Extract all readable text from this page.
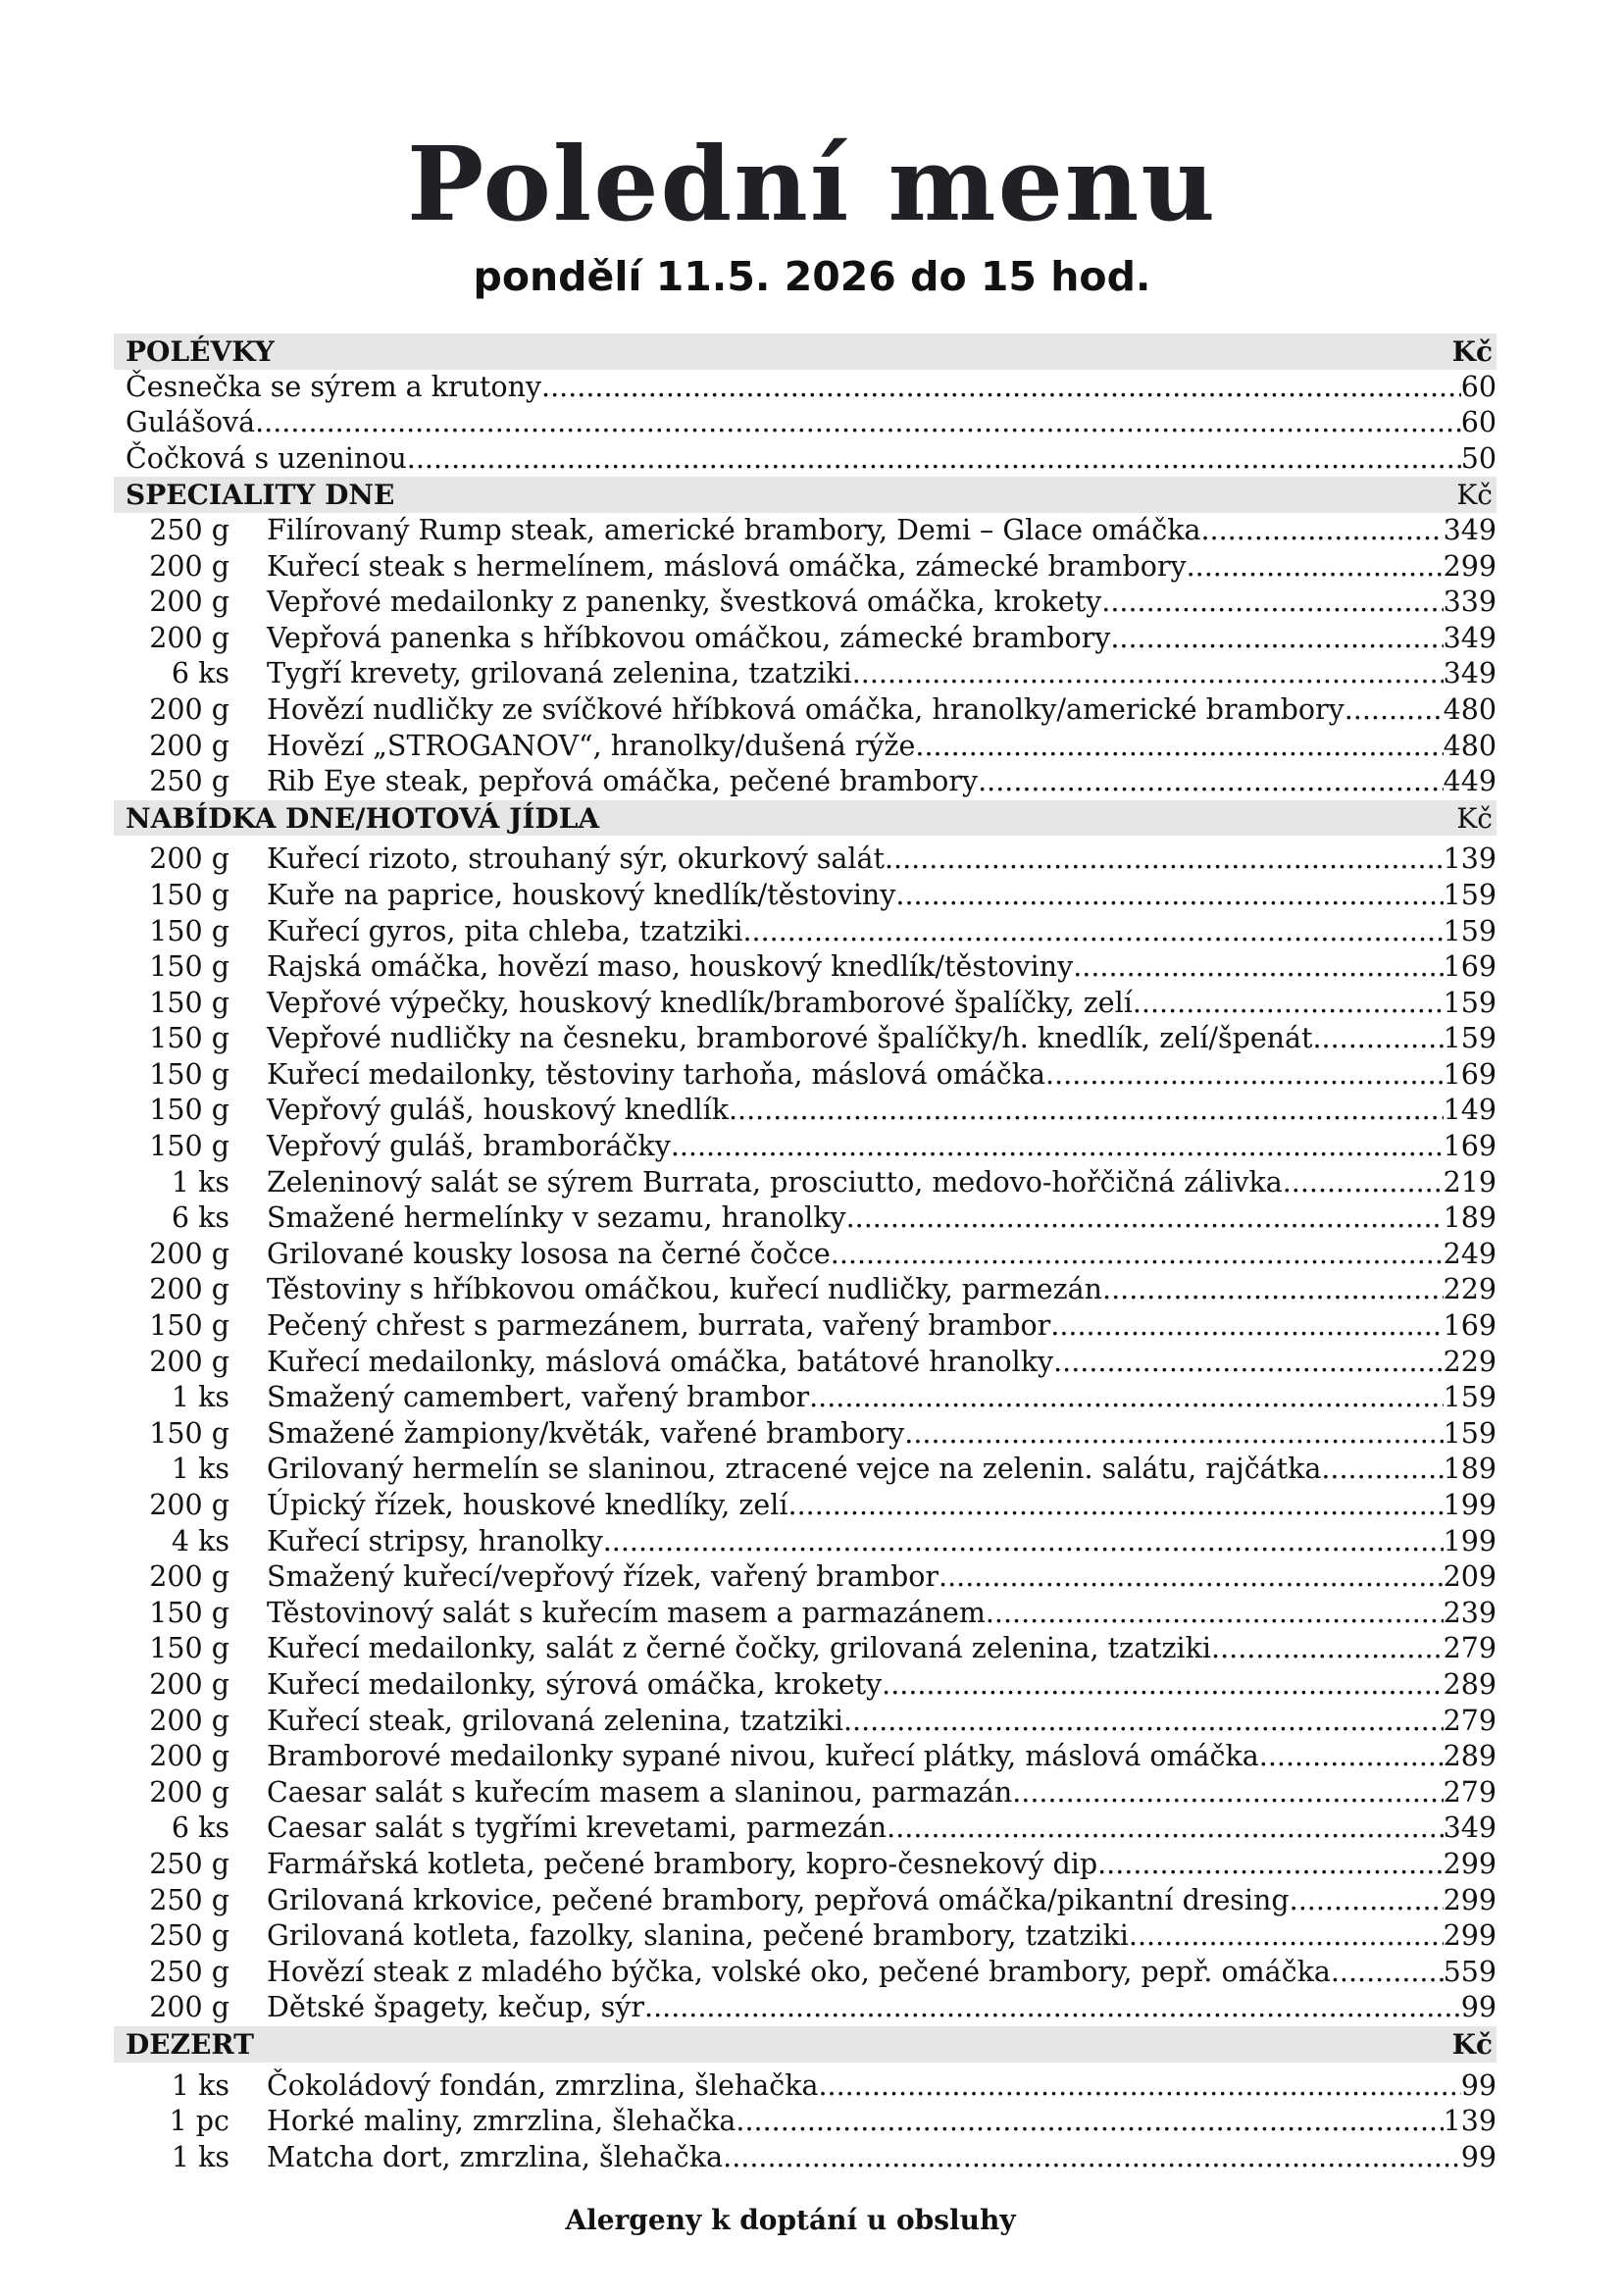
Polední menu
pondělí 11.5. 2026 do 15 hod.
POLÉVKY	Kč
Česnečka se sýrem a krutony .....	60
Gulášová .....	60
Čočková s uzeninou .....	50
SPECIALITY DNE	Kč
250 g	Filírovaný Rump steak, americké brambory, Demi – Glace omáčka .....	349
200 g	Kuřecí steak s hermelínem, máslová omáčka, zámecké brambory .....	299
200 g	Vepřové medailonky z panenky, švestková omáčka, krokety .....	339
200 g	Vepřová panenka s hříbkovou omáčkou, zámecké brambory .....	349
6 ks	Tygří krevety, grilovaná zelenina, tzatziki .....	349
200 g	Hovězí nudličky ze svíčkové hříbková omáčka, hranolky/americké brambory .....	480
200 g	Hovězí „STROGANOV“, hranolky/dušená rýže .....	480
250 g	Rib Eye steak, pepřová omáčka, pečené brambory .....	449
NABÍDKA DNE/HOTOVÁ JÍDLA	Kč
200 g	Kuřecí rizoto, strouhaný sýr, okurkový salát .....	139
150 g	Kuře na paprice, houskový knedlík/těstoviny .....	159
150 g	Kuřecí gyros, pita chleba, tzatziki .....	159
150 g	Rajská omáčka, hovězí maso, houskový knedlík/těstoviny .....	169
150 g	Vepřové výpečky, houskový knedlík/bramborové špalíčky, zelí .....	159
150 g	Vepřové nudličky na česneku, bramborové špalíčky/h. knedlík, zelí/špenát .....	159
150 g	Kuřecí medailonky, těstoviny tarhoňa, máslová omáčka .....	169
150 g	Vepřový guláš, houskový knedlík .....	149
150 g	Vepřový guláš, bramboráčky .....	169
1 ks	Zeleninový salát se sýrem Burrata, prosciutto, medovo-hořčičná zálivka .....	219
6 ks	Smažené hermelínky v sezamu, hranolky .....	189
200 g	Grilované kousky lososa na černé čočce .....	249
200 g	Těstoviny s hříbkovou omáčkou, kuřecí nudličky, parmezán .....	229
150 g	Pečený chřest s parmezánem, burrata, vařený brambor .....	169
200 g	Kuřecí medailonky, máslová omáčka, batátové hranolky .....	229
1 ks	Smažený camembert, vařený brambor .....	159
150 g	Smažené žampiony/květák, vařené brambory .....	159
1 ks	Grilovaný hermelín se slaninou, ztracené vejce na zelenin. salátu, rajčátka .....	189
200 g	Úpický řízek, houskové knedlíky, zelí .....	199
4 ks	Kuřecí stripsy, hranolky .....	199
200 g	Smažený kuřecí/vepřový řízek, vařený brambor .....	209
150 g	Těstovinový salát s kuřecím masem a parmazánem .....	239
150 g	Kuřecí medailonky, salát z černé čočky, grilovaná zelenina, tzatziki .....	279
200 g	Kuřecí medailonky, sýrová omáčka, krokety .....	289
200 g	Kuřecí steak, grilovaná zelenina, tzatziki .....	279
200 g	Bramborové medailonky sypané nivou, kuřecí plátky, máslová omáčka .....	289
200 g	Caesar salát s kuřecím masem a slaninou, parmazán .....	279
6 ks	Caesar salát s tygřími krevetami, parmezán .....	349
250 g	Farmářská kotleta, pečené brambory, kopro-česnekový dip .....	299
250 g	Grilovaná krkovice, pečené brambory, pepřová omáčka/pikantní dresing .....	299
250 g	Grilovaná kotleta, fazolky, slanina, pečené brambory, tzatziki .....	299
250 g	Hovězí steak z mladého býčka, volské oko, pečené brambory, pepř. omáčka .....	559
200 g	Dětské špagety, kečup, sýr .....	99
DEZERT	Kč
1 ks	Čokoládový fondán, zmrzlina, šlehačka .....	99
1 pc	Horké maliny, zmrzlina, šlehačka .....	139
1 ks	Matcha dort, zmrzlina, šlehačka .....	99
Alergeny k doptání u obsluhy
